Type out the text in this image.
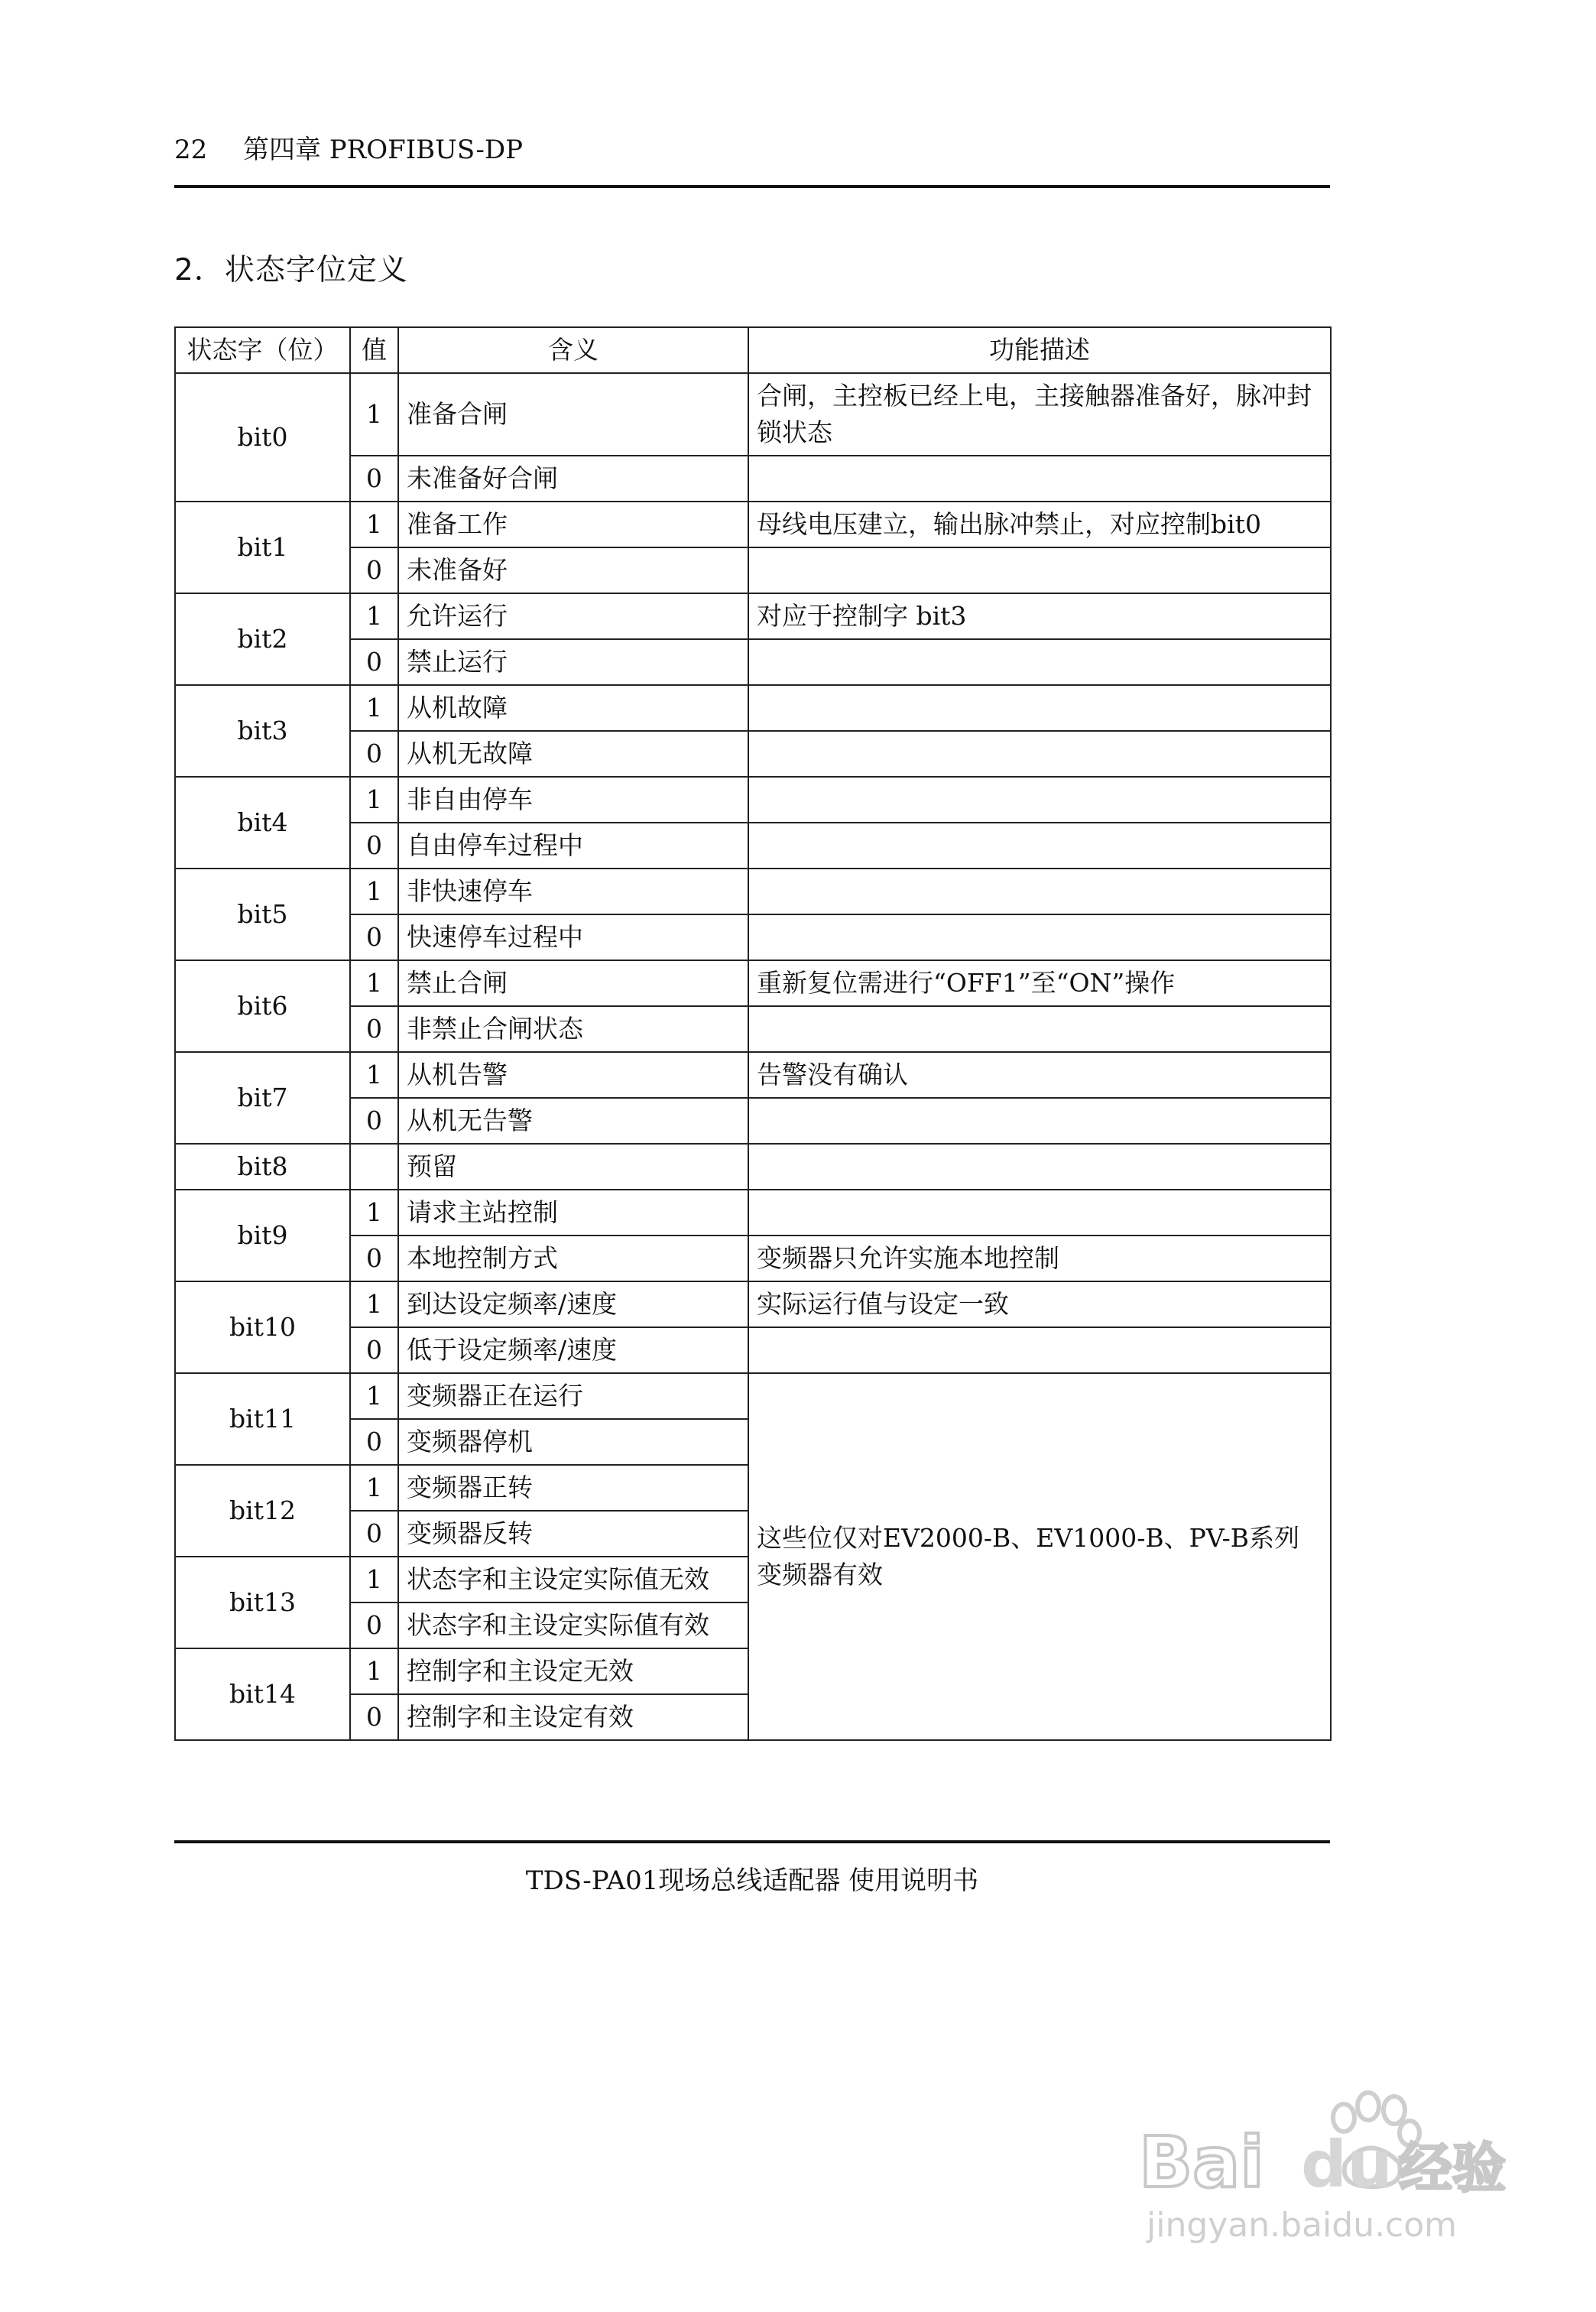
22 第四章 PROFIBUS-DP
2．状态字位定义
状态字（位）	值	含义	功能描述
bit0	1	准备合闸	合闸，主控板已经上电，主接触器准备好，脉冲封锁状态
	0	未准备好合闸	
bit1	1	准备工作	母线电压建立，输出脉冲禁止，对应控制bit0
	0	未准备好	
bit2	1	允许运行	对应于控制字 bit3
	0	禁止运行	
bit3	1	从机故障	
	0	从机无故障	
bit4	1	非自由停车	
	0	自由停车过程中	
bit5	1	非快速停车	
	0	快速停车过程中	
bit6	1	禁止合闸	重新复位需进行“OFF1”至“ON”操作
	0	非禁止合闸状态	
bit7	1	从机告警	告警没有确认
	0	从机无告警	
bit8		预留	
bit9	1	请求主站控制	
	0	本地控制方式	变频器只允许实施本地控制
bit10	1	到达设定频率/速度	实际运行值与设定一致
	0	低于设定频率/速度	
bit11	1	变频器正在运行	这些位仅对EV2000-B、EV1000-B、PV-B系列变频器有效
	0	变频器停机	
bit12	1	变频器正转	
	0	变频器反转	
bit13	1	状态字和主设定实际值无效	
	0	状态字和主设定实际值有效	
bit14	1	控制字和主设定无效	
	0	控制字和主设定有效	
TDS-PA01现场总线适配器 使用说明书
Bai du 经验
jingyan.baidu.com
